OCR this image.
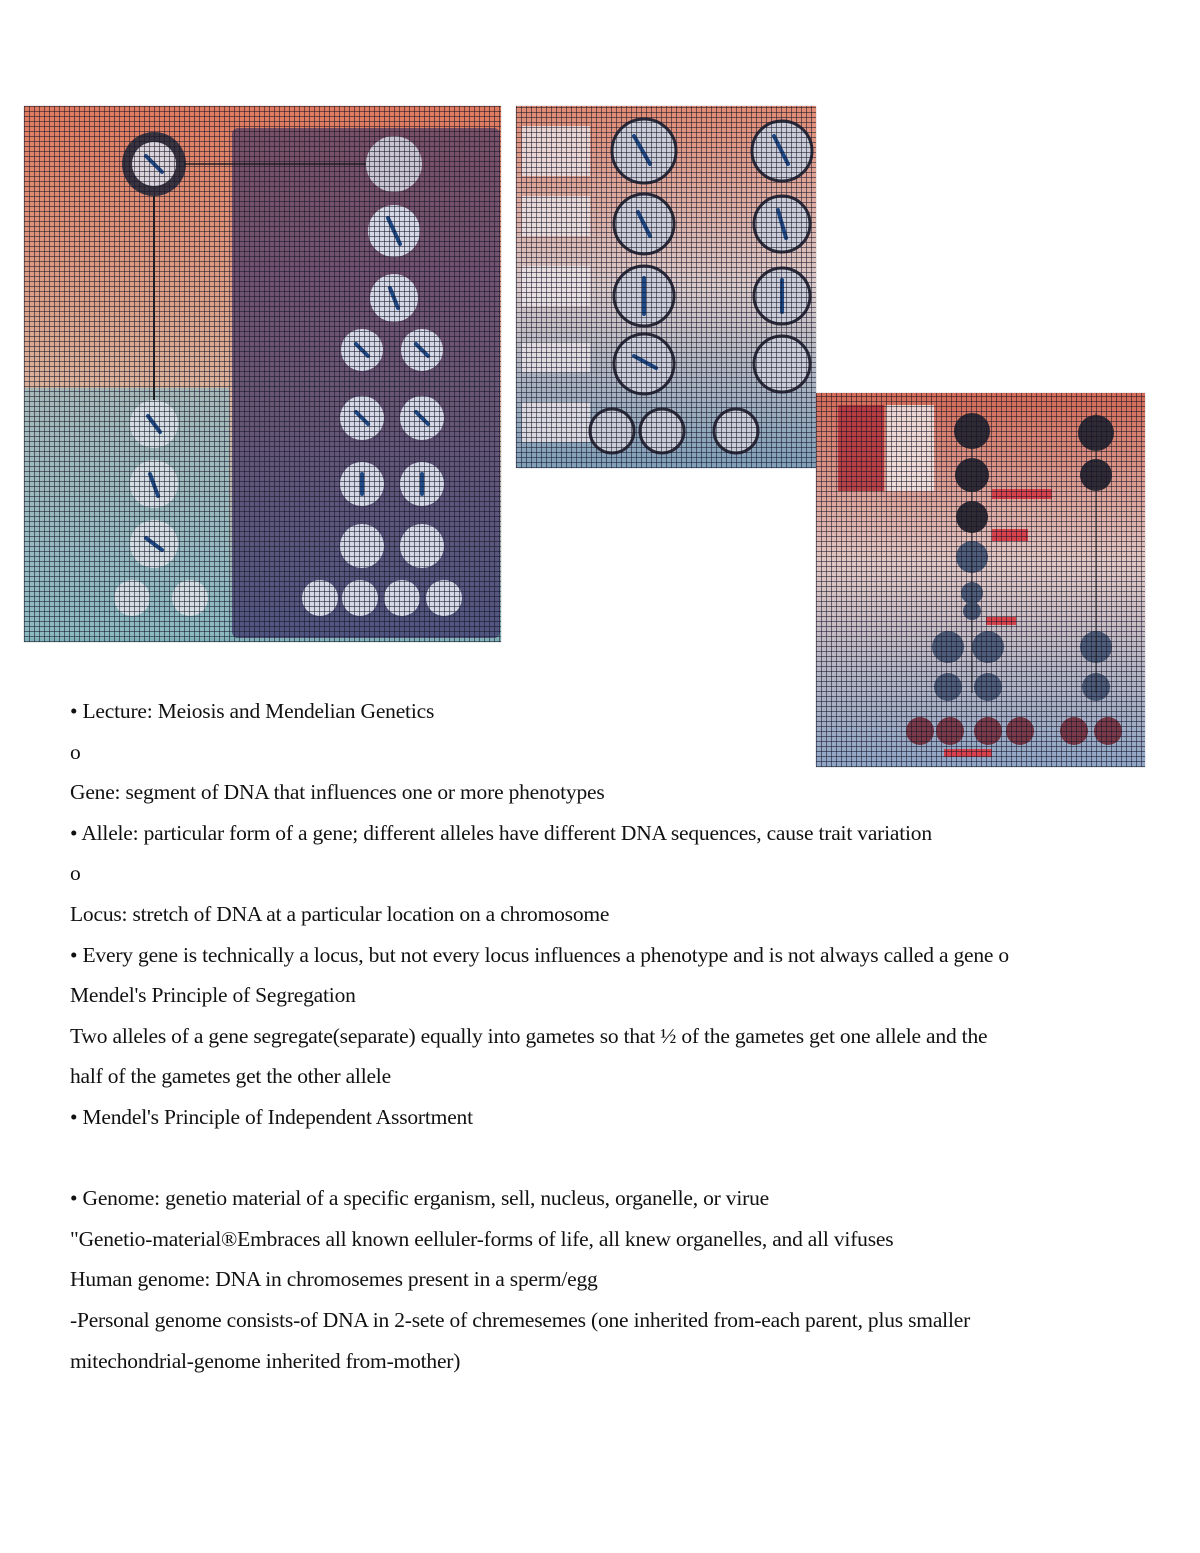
• Lecture: Meiosis and Mendelian Genetics
o
Gene: segment of DNA that influences one or more phenotypes
• Allele: particular form of a gene; different alleles have different DNA sequences, cause trait variation
o
Locus: stretch of DNA at a particular location on a chromosome
• Every gene is technically a locus, but not every locus influences a phenotype and is not always called a gene o
Mendel's Principle of Segregation
Two alleles of a gene segregate(separate) equally into gametes so that ½ of the gametes get one allele and the
half of the gametes get the other allele
• Mendel's Principle of Independent Assortment
• Genome: genetio material of a specific erganism, sell, nucleus, organelle, or virue
"Genetio-material®Embraces all known eelluler-forms of life, all knew organelles, and all vifuses
Human genome: DNA in chromosemes present in a sperm/egg
-Personal genome consists-of DNA in 2-sete of chremesemes (one inherited from-each parent, plus smaller
mitechondrial-genome inherited from-mother)
